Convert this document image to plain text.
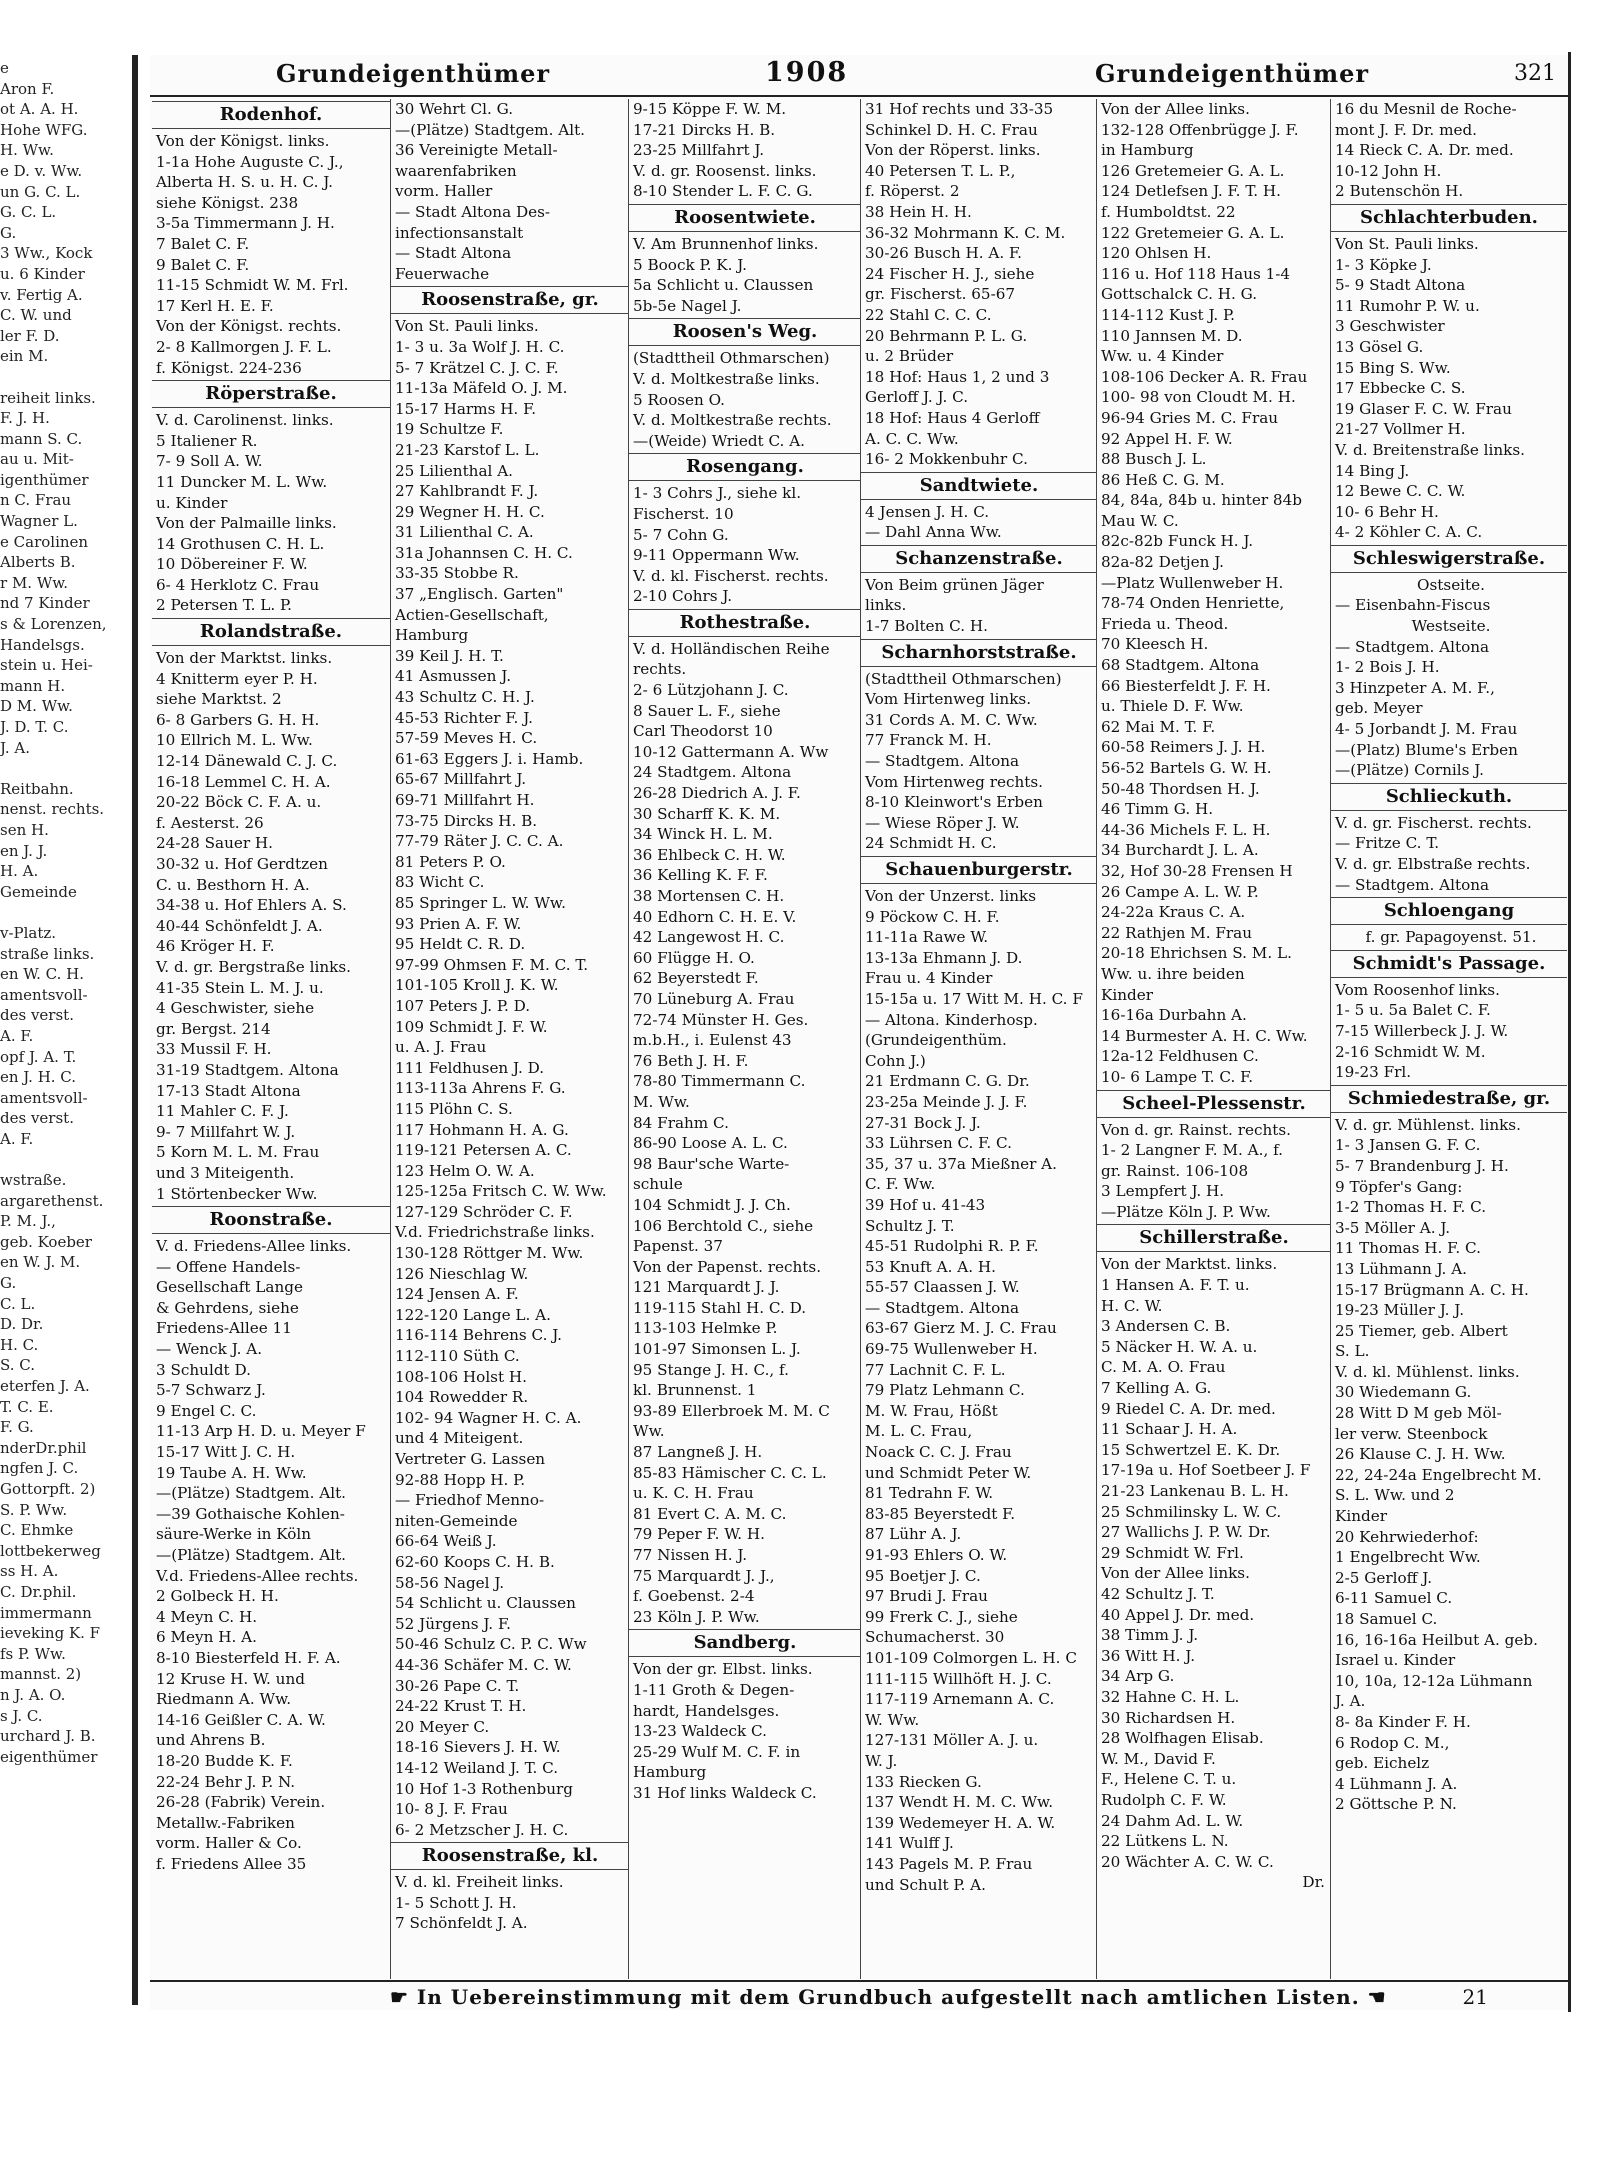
e
Aron F.
ot A. A. H.
Hohe WFG.
H. Ww.
e D. v. Ww.
un G. C. L.
G. C. L.
G.
3 Ww., Kock
u. 6 Kinder
v. Fertig A.
C. W. und
ler F. D.
ein M.

reiheit links.
F. J. H.
mann S. C.
au u. Mit-
igenthümer
n C. Frau
Wagner L.
e Carolinen
Alberts B.
r M. Ww.
nd 7 Kinder
s & Lorenzen,
Handelsgs.
stein u. Hei-
mann H.
D M. Ww.
J. D. T. C.
J. A.

Reitbahn.
nenst. rechts.
sen H.
en J. J.
H. A.
Gemeinde

v-Platz.
straße links.
en W. C. H.
amentsvoll-
des verst.
A. F.
opf J. A. T.
en J. H. C.
amentsvoll-
des verst.
A. F.

wstraße.
argarethenst.
P. M. J.,
geb. Koeber
en W. J. M.
G.
C. L.
D. Dr.
H. C.
S. C.
eterfen J. A.
T. C. E.
F. G.
nderDr.phil
ngfen J. C.
Gottorpft. 2)
S. P. Ww.
C. Ehmke
lottbekerweg
ss H. A.
C. Dr.phil.
immermann
ieveking K. F
fs P. Ww.
mannst. 2)
n J. A. O.
s J. C.
urchard J. B.
eigenthümer
Grundeigenthümer	1908	Grundeigenthümer	321
Rodenhof.
Von der Königst. links.
1-1a Hohe Auguste C. J.,
Alberta H. S. u. H. C. J.
siehe Königst. 238
3-5a Timmermann J. H.
7 Balet C. F.
9 Balet C. F.
11-15 Schmidt W. M. Frl.
17 Kerl H. E. F.
Von der Königst. rechts.
2- 8 Kallmorgen J. F. L.
f. Königst. 224-236
Röperstraße.
V. d. Carolinenst. links.
5 Italiener R.
7- 9 Soll A. W.
11 Duncker M. L. Ww.
u. Kinder
Von der Palmaille links.
14 Grothusen C. H. L.
10 Döbereiner F. W.
6- 4 Herklotz C. Frau
2 Petersen T. L. P.
Rolandstraße.
Von der Marktst. links.
4 Knitterm eyer P. H.
siehe Marktst. 2
6- 8 Garbers G. H. H.
10 Ellrich M. L. Ww.
12-14 Dänewald C. J. C.
16-18 Lemmel C. H. A.
20-22 Böck C. F. A. u.
f. Aesterst. 26
24-28 Sauer H.
30-32 u. Hof Gerdtzen
C. u. Besthorn H. A.
34-38 u. Hof Ehlers A. S.
40-44 Schönfeldt J. A.
46 Kröger H. F.
V. d. gr. Bergstraße links.
41-35 Stein L. M. J. u.
4 Geschwister, siehe
gr. Bergst. 214
33 Mussil F. H.
31-19 Stadtgem. Altona
17-13 Stadt Altona
11 Mahler C. F. J.
9- 7 Millfahrt W. J.
5 Korn M. L. M. Frau
und 3 Miteigenth.
1 Störtenbecker Ww.
Roonstraße.
V. d. Friedens-Allee links.
— Offene Handels-
Gesellschaft Lange
& Gehrdens, siehe
Friedens-Allee 11
— Wenck J. A.
3 Schuldt D.
5-7 Schwarz J.
9 Engel C. C.
11-13 Arp H. D. u. Meyer F
15-17 Witt J. C. H.
19 Taube A. H. Ww.
—(Plätze) Stadtgem. Alt.
—39 Gothaische Kohlen-
säure-Werke in Köln
—(Plätze) Stadtgem. Alt.
V.d. Friedens-Allee rechts.
2 Golbeck H. H.
4 Meyn C. H.
6 Meyn H. A.
8-10 Biesterfeld H. F. A.
12 Kruse H. W. und
Riedmann A. Ww.
14-16 Geißler C. A. W.
und Ahrens B.
18-20 Budde K. F.
22-24 Behr J. P. N.
26-28 (Fabrik) Verein.
Metallw.-Fabriken
vorm. Haller & Co.
f. Friedens Allee 35
30 Wehrt Cl. G.
—(Plätze) Stadtgem. Alt.
36 Vereinigte Metall-
waarenfabriken
vorm. Haller
— Stadt Altona Des-
infectionsanstalt
— Stadt Altona
Feuerwache
Roosenstraße, gr.
Von St. Pauli links.
1- 3 u. 3a Wolf J. H. C.
5- 7 Krätzel C. J. C. F.
11-13a Mäfeld O. J. M.
15-17 Harms H. F.
19 Schultze F.
21-23 Karstof L. L.
25 Lilienthal A.
27 Kahlbrandt F. J.
29 Wegner H. H. C.
31 Lilienthal C. A.
31a Johannsen C. H. C.
33-35 Stobbe R.
37 „Englisch. Garten"
Actien-Gesellschaft,
Hamburg
39 Keil J. H. T.
41 Asmussen J.
43 Schultz C. H. J.
45-53 Richter F. J.
57-59 Meves H. C.
61-63 Eggers J. i. Hamb.
65-67 Millfahrt J.
69-71 Millfahrt H.
73-75 Dircks H. B.
77-79 Räter J. C. C. A.
81 Peters P. O.
83 Wicht C.
85 Springer L. W. Ww.
93 Prien A. F. W.
95 Heldt C. R. D.
97-99 Ohmsen F. M. C. T.
101-105 Kroll J. K. W.
107 Peters J. P. D.
109 Schmidt J. F. W.
u. A. J. Frau
111 Feldhusen J. D.
113-113a Ahrens F. G.
115 Plöhn C. S.
117 Hohmann H. A. G.
119-121 Petersen A. C.
123 Helm O. W. A.
125-125a Fritsch C. W. Ww.
127-129 Schröder C. F.
V.d. Friedrichstraße links.
130-128 Röttger M. Ww.
126 Nieschlag W.
124 Jensen A. F.
122-120 Lange L. A.
116-114 Behrens C. J.
112-110 Süth C.
108-106 Holst H.
104 Rowedder R.
102- 94 Wagner H. C. A.
und 4 Miteigent.
Vertreter G. Lassen
92-88 Hopp H. P.
— Friedhof Menno-
niten-Gemeinde
66-64 Weiß J.
62-60 Koops C. H. B.
58-56 Nagel J.
54 Schlicht u. Claussen
52 Jürgens J. F.
50-46 Schulz C. P. C. Ww
44-36 Schäfer M. C. W.
30-26 Pape C. T.
24-22 Krust T. H.
20 Meyer C.
18-16 Sievers J. H. W.
14-12 Weiland J. T. C.
10 Hof 1-3 Rothenburg
10- 8 J. F. Frau
6- 2 Metzscher J. H. C.
Roosenstraße, kl.
V. d. kl. Freiheit links.
1- 5 Schott J. H.
7 Schönfeldt J. A.
9-15 Köppe F. W. M.
17-21 Dircks H. B.
23-25 Millfahrt J.
V. d. gr. Roosenst. links.
8-10 Stender L. F. C. G.
Roosentwiete.
V. Am Brunnenhof links.
5 Boock P. K. J.
5a Schlicht u. Claussen
5b-5e Nagel J.
Roosen's Weg.
(Stadttheil Othmarschen)
V. d. Moltkestraße links.
5 Roosen O.
V. d. Moltkestraße rechts.
—(Weide) Wriedt C. A.
Rosengang.
1- 3 Cohrs J., siehe kl.
Fischerst. 10
5- 7 Cohn G.
9-11 Oppermann Ww.
V. d. kl. Fischerst. rechts.
2-10 Cohrs J.
Rothestraße.
V. d. Holländischen Reihe
rechts.
2- 6 Lützjohann J. C.
8 Sauer L. F., siehe
Carl Theodorst 10
10-12 Gattermann A. Ww
24 Stadtgem. Altona
26-28 Diedrich A. J. F.
30 Scharff K. K. M.
34 Winck H. L. M.
36 Ehlbeck C. H. W.
36 Kelling K. F. F.
38 Mortensen C. H.
40 Edhorn C. H. E. V.
42 Langewost H. C.
60 Flügge H. O.
62 Beyerstedt F.
70 Lüneburg A. Frau
72-74 Münster H. Ges.
m.b.H., i. Eulenst 43
76 Beth J. H. F.
78-80 Timmermann C.
M. Ww.
84 Frahm C.
86-90 Loose A. L. C.
98 Baur'sche Warte-
schule
104 Schmidt J. J. Ch.
106 Berchtold C., siehe
Papenst. 37
Von der Papenst. rechts.
121 Marquardt J. J.
119-115 Stahl H. C. D.
113-103 Helmke P.
101-97 Simonsen L. J.
95 Stange J. H. C., f.
kl. Brunnenst. 1
93-89 Ellerbroek M. M. C
Ww.
87 Langneß J. H.
85-83 Hämischer C. C. L.
u. K. C. H. Frau
81 Evert C. A. M. C.
79 Peper F. W. H.
77 Nissen H. J.
75 Marquardt J. J.,
f. Goebenst. 2-4
23 Köln J. P. Ww.
Sandberg.
Von der gr. Elbst. links.
1-11 Groth & Degen-
hardt, Handelsges.
13-23 Waldeck C.
25-29 Wulf M. C. F. in
Hamburg
31 Hof links Waldeck C.
31 Hof rechts und 33-35
Schinkel D. H. C. Frau
Von der Röperst. links.
40 Petersen T. L. P.,
f. Röperst. 2
38 Hein H. H.
36-32 Mohrmann K. C. M.
30-26 Busch H. A. F.
24 Fischer H. J., siehe
gr. Fischerst. 65-67
22 Stahl C. C. C.
20 Behrmann P. L. G.
u. 2 Brüder
18 Hof: Haus 1, 2 und 3
Gerloff J. J. C.
18 Hof: Haus 4 Gerloff
A. C. C. Ww.
16- 2 Mokkenbuhr C.
Sandtwiete.
4 Jensen J. H. C.
— Dahl Anna Ww.
Schanzenstraße.
Von Beim grünen Jäger
links.
1-7 Bolten C. H.
Scharnhorststraße.
(Stadttheil Othmarschen)
Vom Hirtenweg links.
31 Cords A. M. C. Ww.
77 Franck M. H.
— Stadtgem. Altona
Vom Hirtenweg rechts.
8-10 Kleinwort's Erben
— Wiese Röper J. W.
24 Schmidt H. C.
Schauenburgerstr.
Von der Unzerst. links
9 Pöckow C. H. F.
11-11a Rawe W.
13-13a Ehmann J. D.
Frau u. 4 Kinder
15-15a u. 17 Witt M. H. C. F
— Altona. Kinderhosp.
(Grundeigenthüm.
Cohn J.)
21 Erdmann C. G. Dr.
23-25a Meinde J. J. F.
27-31 Bock J. J.
33 Lührsen C. F. C.
35, 37 u. 37a Mießner A.
C. F. Ww.
39 Hof u. 41-43
Schultz J. T.
45-51 Rudolphi R. P. F.
53 Knuft A. A. H.
55-57 Claassen J. W.
— Stadtgem. Altona
63-67 Gierz M. J. C. Frau
69-75 Wullenweber H.
77 Lachnit C. F. L.
79 Platz Lehmann C.
M. W. Frau, Hößt
M. L. C. Frau,
Noack C. C. J. Frau
und Schmidt Peter W.
81 Tedrahn F. W.
83-85 Beyerstedt F.
87 Lühr A. J.
91-93 Ehlers O. W.
95 Boetjer J. C.
97 Brudi J. Frau
99 Frerk C. J., siehe
Schumacherst. 30
101-109 Colmorgen L. H. C
111-115 Willhöft H. J. C.
117-119 Arnemann A. C.
W. Ww.
127-131 Möller A. J. u.
W. J.
133 Riecken G.
137 Wendt H. M. C. Ww.
139 Wedemeyer H. A. W.
141 Wulff J.
143 Pagels M. P. Frau
und Schult P. A.
Von der Allee links.
132-128 Offenbrügge J. F.
in Hamburg
126 Gretemeier G. A. L.
124 Detlefsen J. F. T. H.
f. Humboldtst. 22
122 Gretemeier G. A. L.
120 Ohlsen H.
116 u. Hof 118 Haus 1-4
Gottschalck C. H. G.
114-112 Kust J. P.
110 Jannsen M. D.
Ww. u. 4 Kinder
108-106 Decker A. R. Frau
100- 98 von Cloudt M. H.
96-94 Gries M. C. Frau
92 Appel H. F. W.
88 Busch J. L.
86 Heß C. G. M.
84, 84a, 84b u. hinter 84b
Mau W. C.
82c-82b Funck H. J.
82a-82 Detjen J.
—Platz Wullenweber H.
78-74 Onden Henriette,
Frieda u. Theod.
70 Kleesch H.
68 Stadtgem. Altona
66 Biesterfeldt J. F. H.
u. Thiele D. F. Ww.
62 Mai M. T. F.
60-58 Reimers J. J. H.
56-52 Bartels G. W. H.
50-48 Thordsen H. J.
46 Timm G. H.
44-36 Michels F. L. H.
34 Burchardt J. L. A.
32, Hof 30-28 Frensen H
26 Campe A. L. W. P.
24-22a Kraus C. A.
22 Rathjen M. Frau
20-18 Ehrichsen S. M. L.
Ww. u. ihre beiden
Kinder
16-16a Durbahn A.
14 Burmester A. H. C. Ww.
12a-12 Feldhusen C.
10- 6 Lampe T. C. F.
Scheel-Plessenstr.
Von d. gr. Rainst. rechts.
1- 2 Langner F. M. A., f.
gr. Rainst. 106-108
3 Lempfert J. H.
—Plätze Köln J. P. Ww.
Schillerstraße.
Von der Marktst. links.
1 Hansen A. F. T. u.
H. C. W.
3 Andersen C. B.
5 Näcker H. W. A. u.
C. M. A. O. Frau
7 Kelling A. G.
9 Riedel C. A. Dr. med.
11 Schaar J. H. A.
15 Schwertzel E. K. Dr.
17-19a u. Hof Soetbeer J. F
21-23 Lankenau B. L. H.
25 Schmilinsky L. W. C.
27 Wallichs J. P. W. Dr.
29 Schmidt W. Frl.
Von der Allee links.
42 Schultz J. T.
40 Appel J. Dr. med.
38 Timm J. J.
36 Witt H. J.
34 Arp G.
32 Hahne C. H. L.
30 Richardsen H.
28 Wolfhagen Elisab.
W. M., David F.
F., Helene C. T. u.
Rudolph C. F. W.
24 Dahm Ad. L. W.
22 Lütkens L. N.
20 Wächter A. C. W. C.
Dr.
16 du Mesnil de Roche-
mont J. F. Dr. med.
14 Rieck C. A. Dr. med.
10-12 John H.
2 Butenschön H.
Schlachterbuden.
Von St. Pauli links.
1- 3 Köpke J.
5- 9 Stadt Altona
11 Rumohr P. W. u.
3 Geschwister
13 Gösel G.
15 Bing S. Ww.
17 Ebbecke C. S.
19 Glaser F. C. W. Frau
21-27 Vollmer H.
V. d. Breitenstraße links.
14 Bing J.
12 Bewe C. C. W.
10- 6 Behr H.
4- 2 Köhler C. A. C.
Schleswigerstraße.
Ostseite.
— Eisenbahn-Fiscus
Westseite.
— Stadtgem. Altona
1- 2 Bois J. H.
3 Hinzpeter A. M. F.,
geb. Meyer
4- 5 Jorbandt J. M. Frau
—(Platz) Blume's Erben
—(Plätze) Cornils J.
Schlieckuth.
V. d. gr. Fischerst. rechts.
— Fritze C. T.
V. d. gr. Elbstraße rechts.
— Stadtgem. Altona
Schloengang
f. gr. Papagoyenst. 51.
Schmidt's Passage.
Vom Roosenhof links.
1- 5 u. 5a Balet C. F.
7-15 Willerbeck J. J. W.
2-16 Schmidt W. M.
19-23 Frl.
Schmiedestraße, gr.
V. d. gr. Mühlenst. links.
1- 3 Jansen G. F. C.
5- 7 Brandenburg J. H.
9 Töpfer's Gang:
1-2 Thomas H. F. C.
3-5 Möller A. J.
11 Thomas H. F. C.
13 Lühmann J. A.
15-17 Brügmann A. C. H.
19-23 Müller J. J.
25 Tiemer, geb. Albert
S. L.
V. d. kl. Mühlenst. links.
30 Wiedemann G.
28 Witt D M geb Möl-
ler verw. Steenbock
26 Klause C. J. H. Ww.
22, 24-24a Engelbrecht M.
S. L. Ww. und 2
Kinder
20 Kehrwiederhof:
1 Engelbrecht Ww.
2-5 Gerloff J.
6-11 Samuel C.
18 Samuel C.
16, 16-16a Heilbut A. geb.
Israel u. Kinder
10, 10a, 12-12a Lühmann
J. A.
8- 8a Kinder F. H.
6 Rodop C. M.,
geb. Eichelz
4 Lühmann J. A.
2 Göttsche P. N.
☛ In Uebereinstimmung mit dem Grundbuch aufgestellt nach amtlichen Listen. ☚	21
